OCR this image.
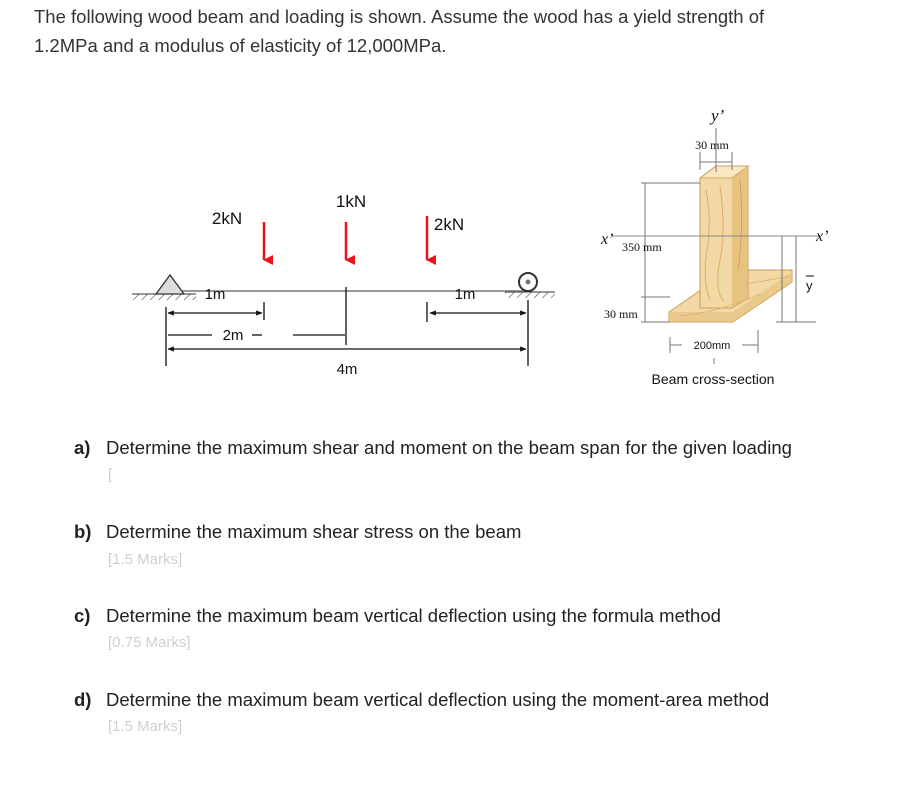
The following wood beam and loading is shown. Assume the wood has a yield strength of
1.2MPa and a modulus of elasticity of 12,000MPa.
2kN
1kN
2kN
1m
2m
1m
4m
y’
30 mm
x’	x’
350 mm
30 mm
y
200mm
Beam cross-section
a) Determine the maximum shear and moment on the beam span for the given loading
[
b) Determine the maximum shear stress on the beam
[1.5 Marks]
c) Determine the maximum beam vertical deflection using the formula method
[0.75 Marks]
d) Determine the maximum beam vertical deflection using the moment-area method
[1.5 Marks]
